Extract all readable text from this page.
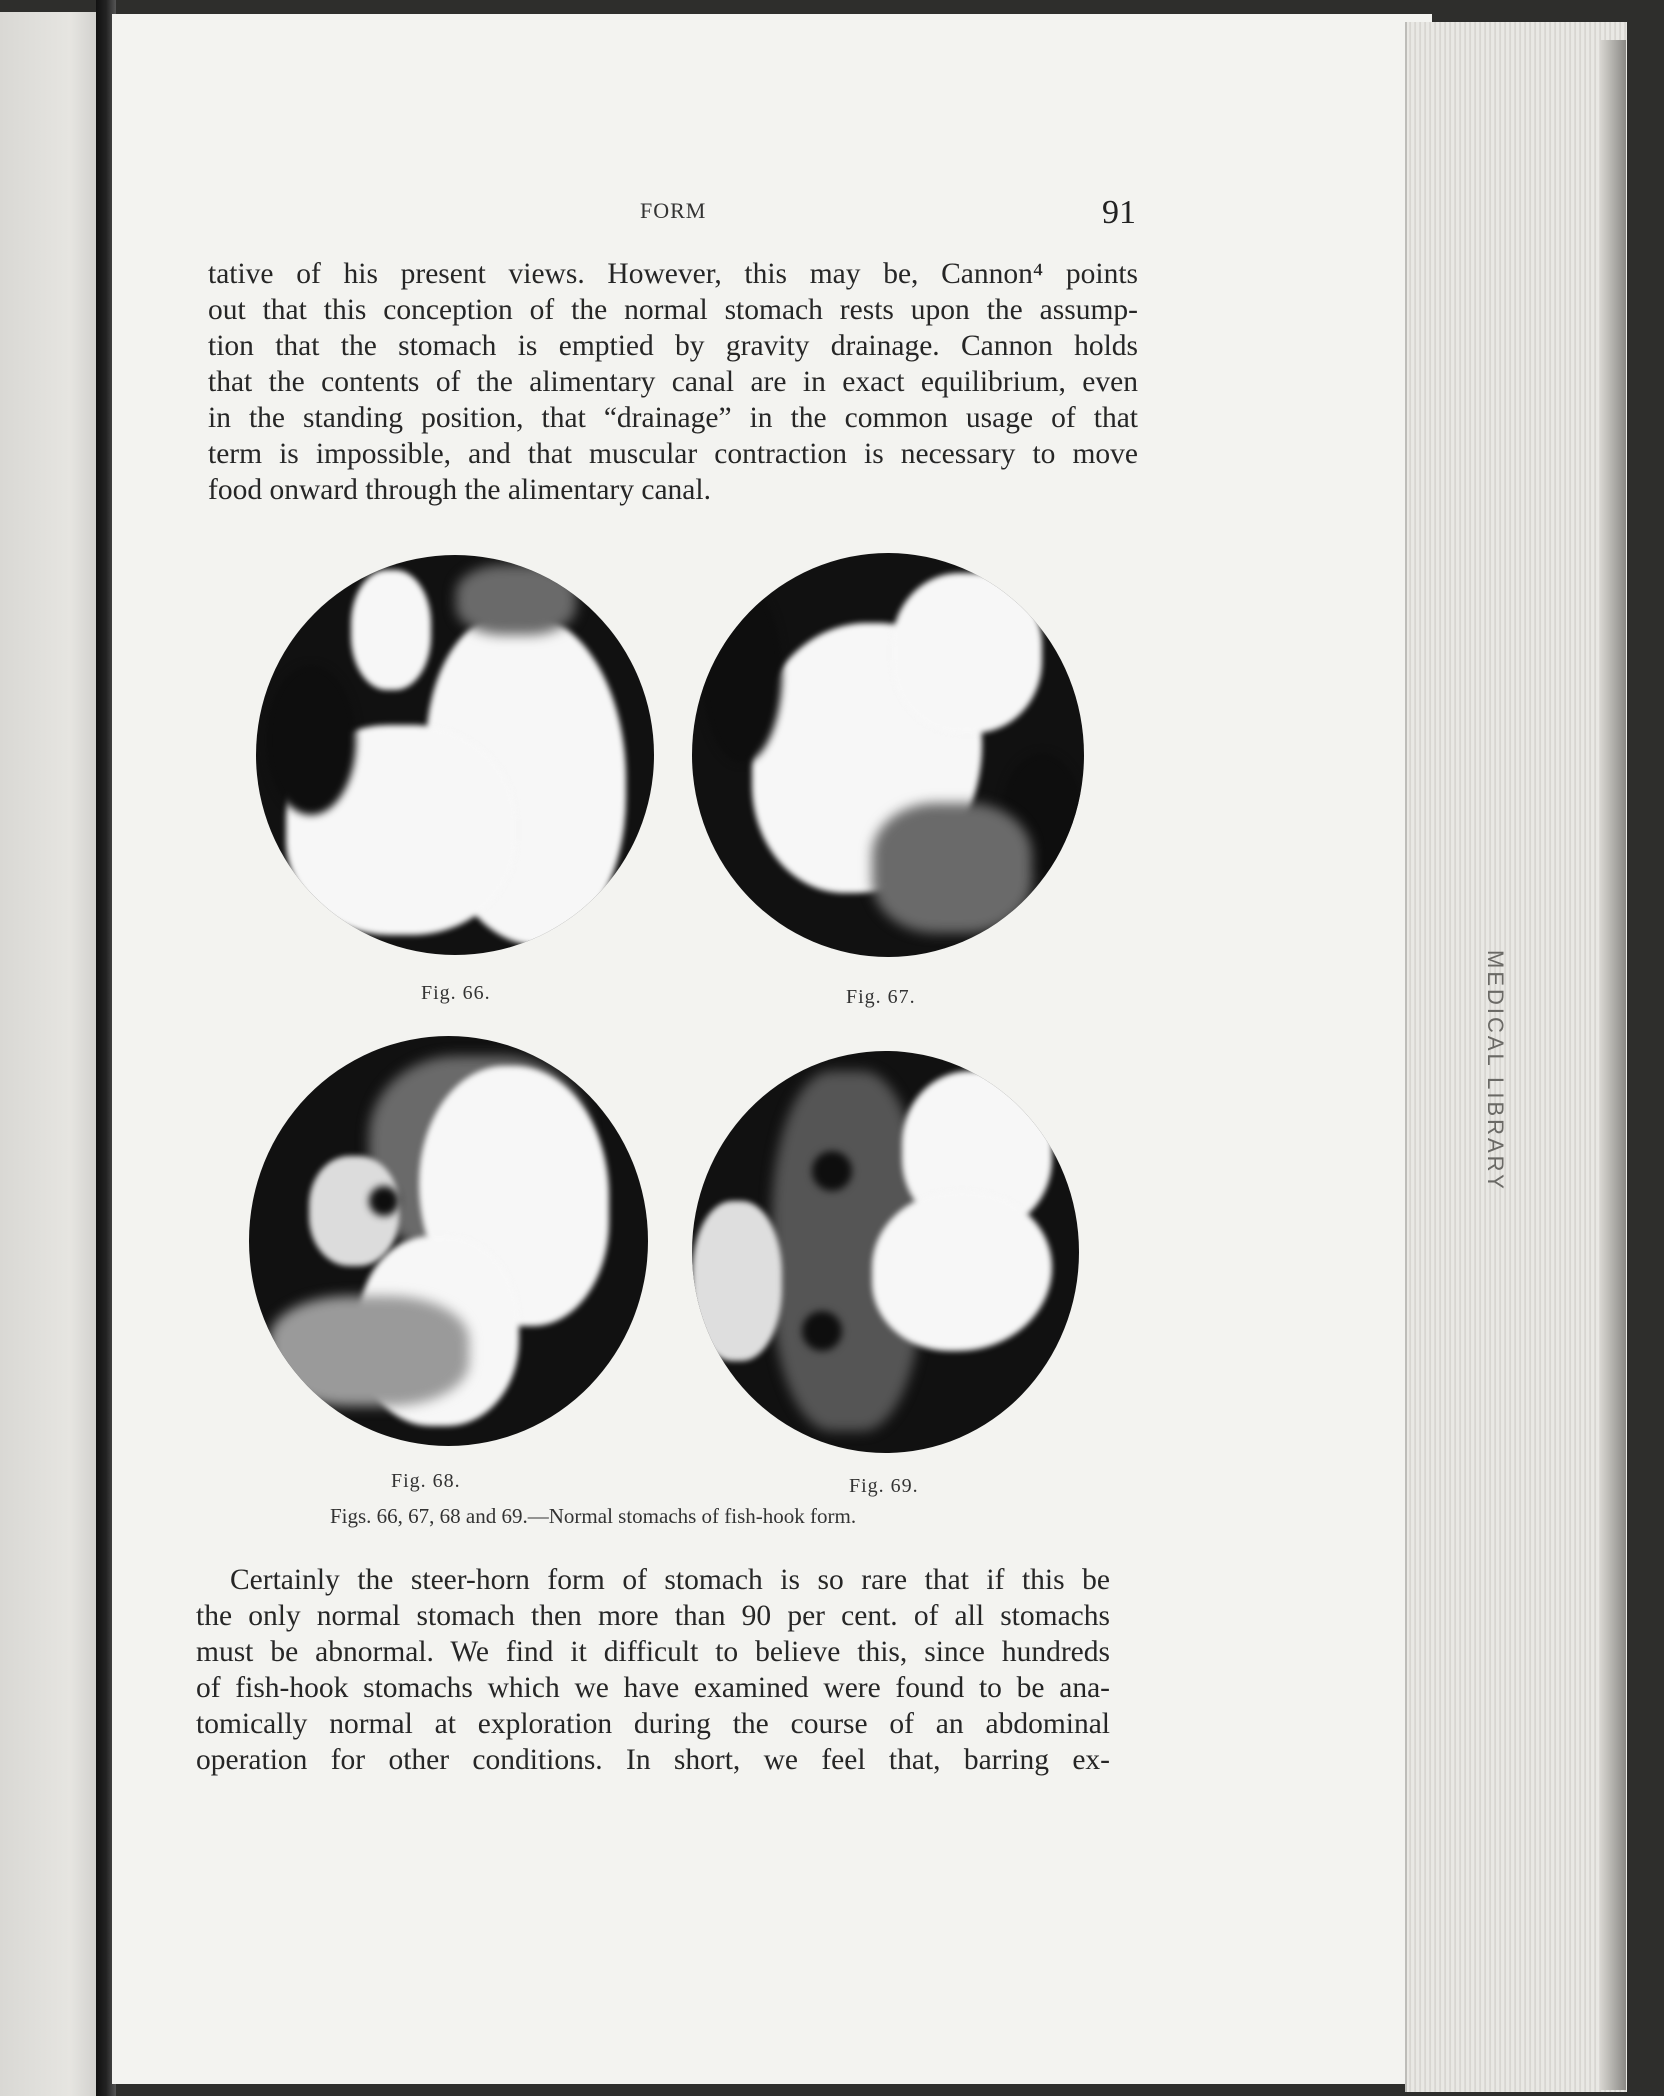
MEDICAL LIBRARY
FORM	91
tative of his present views. However, this may be, Cannon⁴ points
out that this conception of the normal stomach rests upon the assump-
tion that the stomach is emptied by gravity drainage. Cannon holds
that the contents of the alimentary canal are in exact equilibrium, even
in the standing position, that “drainage” in the common usage of that
term is impossible, and that muscular contraction is necessary to move
food onward through the alimentary canal.
Fig. 66.	Fig. 67.
Fig. 68.	Fig. 69.
Figs. 66, 67, 68 and 69.—Normal stomachs of fish-hook form.
Certainly the steer-horn form of stomach is so rare that if this be
the only normal stomach then more than 90 per cent. of all stomachs
must be abnormal. We find it difficult to believe this, since hundreds
of fish-hook stomachs which we have examined were found to be ana-
tomically normal at exploration during the course of an abdominal
operation for other conditions. In short, we feel that, barring ex-
